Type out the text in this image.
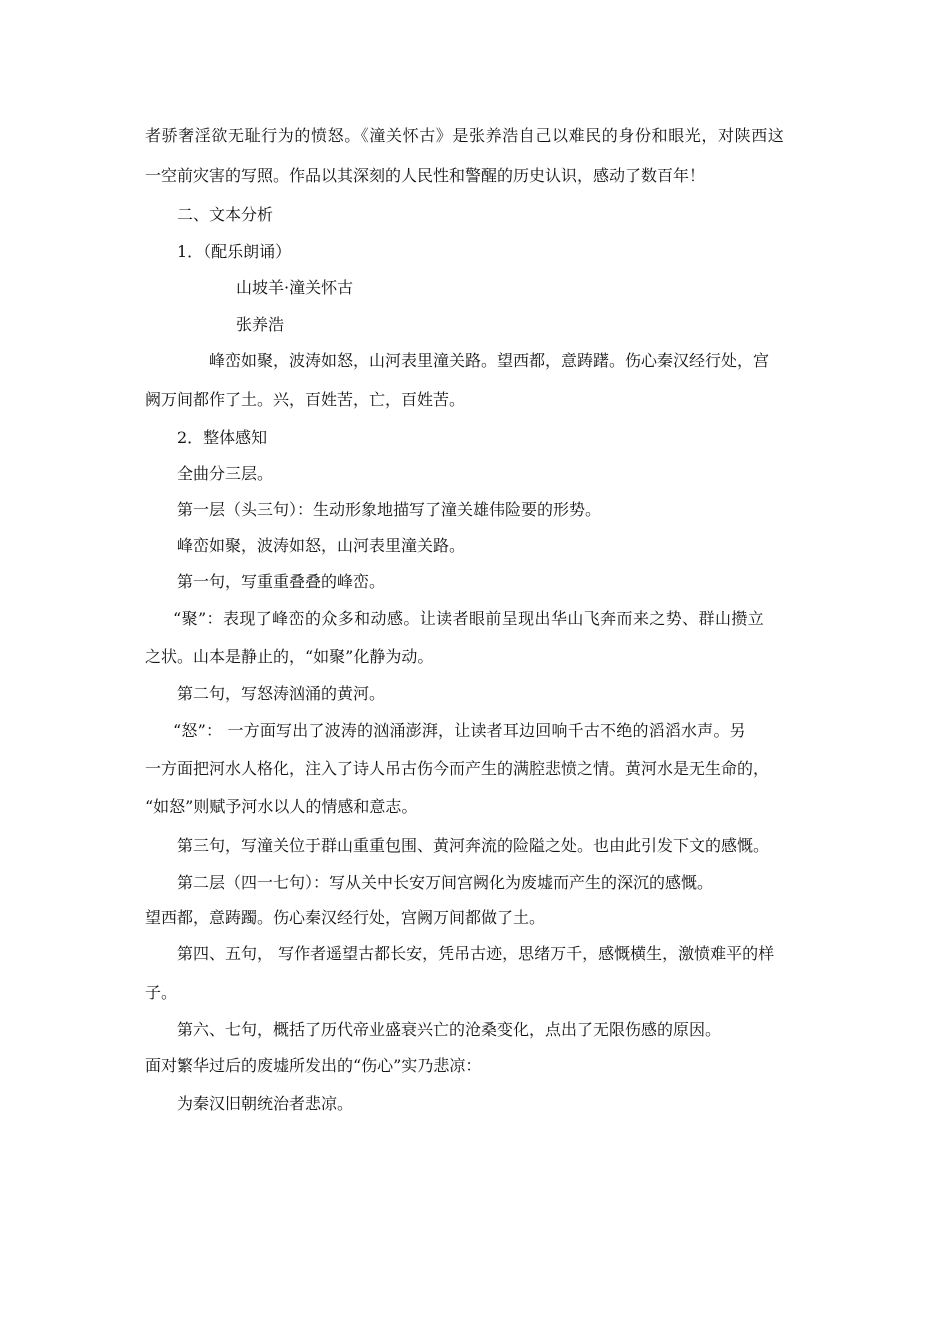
者骄奢淫欲无耻行为的愤怒。《潼关怀古》是张养浩自己以难民的身份和眼光，对陕西这
一空前灾害的写照。作品以其深刻的人民性和警醒的历史认识，感动了数百年！
二、文本分析
1．（配乐朗诵）
山坡羊·潼关怀古
张养浩
峰峦如聚，波涛如怒，山河表里潼关路。望西都，意踌躇。伤心秦汉经行处，宫
阙万间都作了土。兴，百姓苦，亡，百姓苦。
2．整体感知
全曲分三层。
第一层（头三句）：生动形象地描写了潼关雄伟险要的形势。
峰峦如聚，波涛如怒，山河表里潼关路。
第一句，写重重叠叠的峰峦。
“聚”：表现了峰峦的众多和动感。让读者眼前呈现出华山飞奔而来之势、群山攒立
之状。山本是静止的，“如聚”化静为动。
第二句，写怒涛汹涌的黄河。
“怒”： 一方面写出了波涛的汹涌澎湃，让读者耳边回响千古不绝的滔滔水声。另
一方面把河水人格化，注入了诗人吊古伤今而产生的满腔悲愤之情。黄河水是无生命的，
“如怒”则赋予河水以人的情感和意志。
第三句，写潼关位于群山重重包围、黄河奔流的险隘之处。也由此引发下文的感慨。
第二层（四一七句）：写从关中长安万间宫阙化为废墟而产生的深沉的感慨。
望西都，意踌躅。伤心秦汉经行处，宫阙万间都做了土。
第四、五句， 写作者遥望古都长安，凭吊古迹，思绪万千，感慨横生，激愤难平的样
子。
第六、七句，概括了历代帝业盛衰兴亡的沧桑变化，点出了无限伤感的原因。
面对繁华过后的废墟所发出的“伤心”实乃悲凉：
为秦汉旧朝统治者悲凉。
